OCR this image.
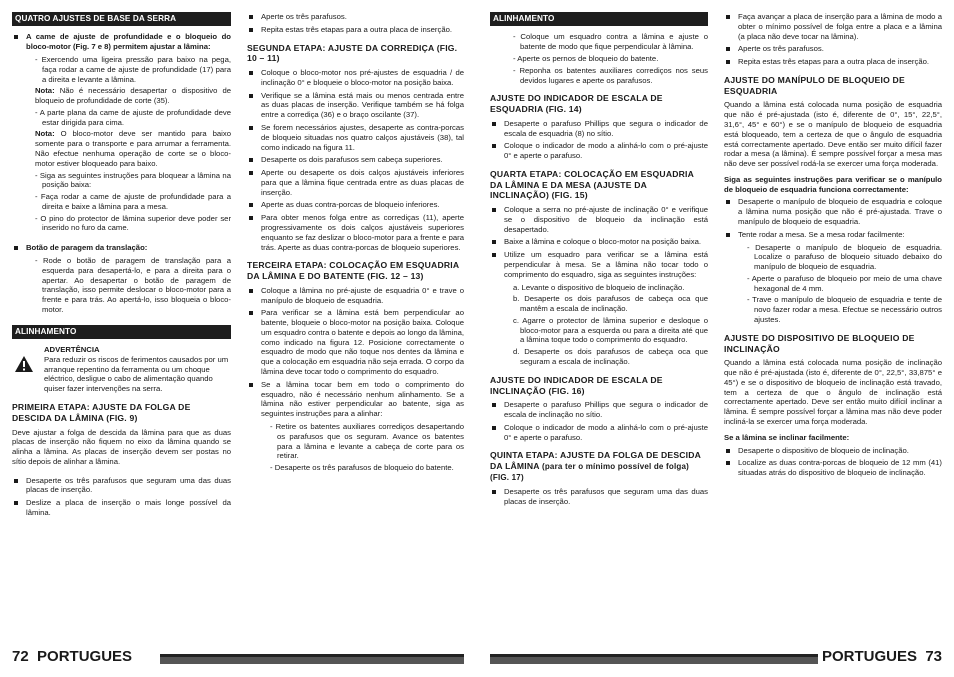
QUATRO AJUSTES DE BASE DA SERRA
A came de ajuste de profundidade e o bloqueio do bloco-motor (Fig. 7 e 8) permitem ajustar a lâmina:
- Exercendo uma ligeira pressão para baixo na pega, faça rodar a came de ajuste de profundidade (17) para a direita e levante a lâmina.
Nota: Não é necessário desapertar o dispositivo de bloqueio de profundidade de corte (35).
- A parte plana da came de ajuste de profundidade deve estar dirigida para cima.
Nota: O bloco-motor deve ser mantido para baixo somente para o transporte e para arrumar a ferramenta. Não efectue nenhuma operação de corte se o bloco-motor estiver bloqueado para baixo.
- Siga as seguintes instruções para bloquear a lâmina na posição baixa:
- Faça rodar a came de ajuste de profundidade para a direita e baixe a lâmina para a mesa.
- O pino do protector de lâmina superior deve poder ser inserido no furo da came.
Botão de paragem da translação:
- Rode o botão de paragem de translação para a esquerda para desapertá-lo, e para a direita para o apertar. Ao desapertar o botão de paragem de translação, isso permite deslocar o bloco-motor para a frente e para trás. Ao apertá-lo, isso bloqueia o bloco-motor.
ALINHAMENTO
ADVERTÊNCIA
Para reduzir os riscos de ferimentos causados por um arranque repentino da ferramenta ou um choque eléctrico, desligue o cabo de alimentação quando quiser fazer intervenções na serra.
PRIMEIRA ETAPA: AJUSTE DA FOLGA DE DESCIDA DA LÂMINA (FIG. 9)

Deve ajustar a folga de descida da lâmina para que as duas placas de inserção não fiquem no eixo da lâmina quando se alinha a lâmina. As placas de inserção devem ser postas no sítio depois de alinhar a lâmina.

Desaperte os três parafusos que seguram uma das duas placas de inserção.
Deslize a placa de inserção o mais longe possível da lâmina.
Aperte os três parafusos.
Repita estas três etapas para a outra placa de inserção.
SEGUNDA ETAPA: AJUSTE DA CORREDIÇA (FIG. 10 – 11)
Coloque o bloco-motor nos pré-ajustes de esquadria / de inclinação 0° e bloqueie o bloco-motor na posição baixa.
Verifique se a lâmina está mais ou menos centrada entre as duas placas de inserção. Verifique também se há folga entre a corrediça (36) e o braço oscilante (37).
Se forem necessários ajustes, desaperte as contra-porcas de bloqueio situadas nos quatro calços ajustáveis (38), tal como indicado na figura 11.
Desaperte os dois parafusos sem cabeça superiores.
Aperte ou desaperte os dois calços ajustáveis inferiores para que a lâmina fique centrada entre as duas placas de inserção.
Aperte as duas contra-porcas de bloqueio inferiores.
Para obter menos folga entre as corrediças (11), aperte progressivamente os dois calços ajustáveis superiores enquanto se faz deslizar o bloco-motor para a frente e para trás. Aperte as duas contra-porcas de bloqueio superiores.
TERCEIRA ETAPA: COLOCAÇÃO EM ESQUADRIA DA LÂMINA E DO BATENTE (FIG. 12 – 13)
Coloque a lâmina no pré-ajuste de esquadria 0° e trave o manípulo de bloqueio de esquadria.
Para verificar se a lâmina está bem perpendicular ao batente, bloqueie o bloco-motor na posição baixa. Coloque um esquadro contra o batente e depois ao longo da lâmina, como indicado na figura 12. Posicione correctamente o esquadro de modo que não toque nos dentes da lâmina e que a colocação em esquadria não seja errada. O corpo da lâmina deve tocar todo o comprimento do esquadro.
Se a lâmina tocar bem em todo o comprimento do esquadro, não é necessário nenhum alinhamento. Se a lâmina não estiver perpendicular ao batente, siga as seguintes instruções para a alinhar:
- Retire os batentes auxiliares corrediços desapertando os parafusos que os seguram. Avance os batentes para a lâmina e levante a cabeça de corte para os retirar.
- Desaperte os três parafusos de bloqueio do batente.
ALINHAMENTO
- Coloque um esquadro contra a lâmina e ajuste o batente de modo que fique perpendicular à lâmina.
- Aperte os pernos de bloqueio do batente.
- Reponha os batentes auxiliares corrediços nos seus devidos lugares e aperte os parafusos.
AJUSTE DO INDICADOR DE ESCALA DE ESQUADRIA (FIG. 14)
Desaperte o parafuso Phillips que segura o indicador de escala de esquadria (8) no sítio.
Coloque o indicador de modo a alinhá-lo com o pré-ajuste 0° e aperte o parafuso.
QUARTA ETAPA: COLOCAÇÃO EM ESQUADRIA DA LÂMINA E DA MESA (AJUSTE DA INCLINAÇÃO) (FIG. 15)
Coloque a serra no pré-ajuste de inclinação 0° e verifique se o dispositivo de bloqueio da inclinação está desapertado.
Baixe a lâmina e coloque o bloco-motor na posição baixa.
Utilize um esquadro para verificar se a lâmina está perpendicular à mesa. Se a lâmina não tocar todo o comprimento do esquadro, siga as seguintes instruções:

a. Levante o dispositivo de bloqueio de inclinação.

b. Desaperte os dois parafusos de cabeça oca que mantêm a escala de inclinação.

c. Agarre o protector de lâmina superior e desloque o bloco-motor para a esquerda ou para a direita até que a lâmina toque todo o comprimento do esquadro.

d. Desaperte os dois parafusos de cabeça oca que seguram a escala de inclinação.

AJUSTE DO INDICADOR DE ESCALA DE INCLINAÇÃO (FIG. 16)
Desaperte o parafuso Phillips que segura o indicador de escala de inclinação no sítio.
Coloque o indicador de modo a alinhá-lo com o pré-ajuste 0° e aperte o parafuso.
QUINTA ETAPA: AJUSTE DA FOLGA DE DESCIDA DA LÂMINA (para ter o mínimo possível de folga) (FIG. 17)
Desaperte os três parafusos que seguram uma das duas placas de inserção.
Faça avançar a placa de inserção para a lâmina de modo a obter o mínimo possível de folga entre a placa e a lâmina (a placa não deve tocar na lâmina).
Aperte os três parafusos.
Repita estas três etapas para a outra placa de inserção.
AJUSTE DO MANÍPULO DE BLOQUEIO DE ESQUADRIA

Quando a lâmina está colocada numa posição de esquadria que não é pré-ajustada (isto é, diferente de 0°, 15°, 22,5°, 31,6°, 45° e 60°) e se o manípulo de bloqueio de esquadria está bloqueado, tem a certeza de que o ângulo de esquadria está correctamente apertado. Deve então ser muito difícil fazer rodar a mesa (a lâmina). É sempre possível forçar a mesa mas não deve ser possível rodá-la se exercer uma força moderada.

Siga as seguintes instruções para verificar se o manípulo de bloqueio de esquadria funciona correctamente:

Desaperte o manípulo de bloqueio de esquadria e coloque a lâmina numa posição que não é pré-ajustada. Trave o manípulo de bloqueio de esquadria.
Tente rodar a mesa. Se a mesa rodar facilmente:
- Desaperte o manípulo de bloqueio de esquadria. Localize o parafuso de bloqueio situado debaixo do manípulo de bloqueio de esquadria.
- Aperte o parafuso de bloqueio por meio de uma chave hexagonal de 4 mm.
- Trave o manípulo de bloqueio de esquadria e tente de novo fazer rodar a mesa. Efectue se necessário outros ajustes.
AJUSTE DO DISPOSITIVO DE BLOQUEIO DE INCLINAÇÃO

Quando a lâmina está colocada numa posição de inclinação que não é pré-ajustada (isto é, diferente de 0°, 22,5°, 33,875° e 45°) e se o dispositivo de bloqueio de inclinação está travado, tem a certeza de que o ângulo de inclinação está correctamente apertado. Deve ser então muito difícil inclinar a lâmina. É sempre possível forçar a lâmina mas não deve poder incliná-la se exercer uma força moderada.

Se a lâmina se inclinar facilmente:

Desaperte o dispositivo de bloqueio de inclinação.
Localize as duas contra-porcas de bloqueio de 12 mm (41) situadas atrás do dispositivo de bloqueio de inclinação.
72 PORTUGUES	PORTUGUES 73
